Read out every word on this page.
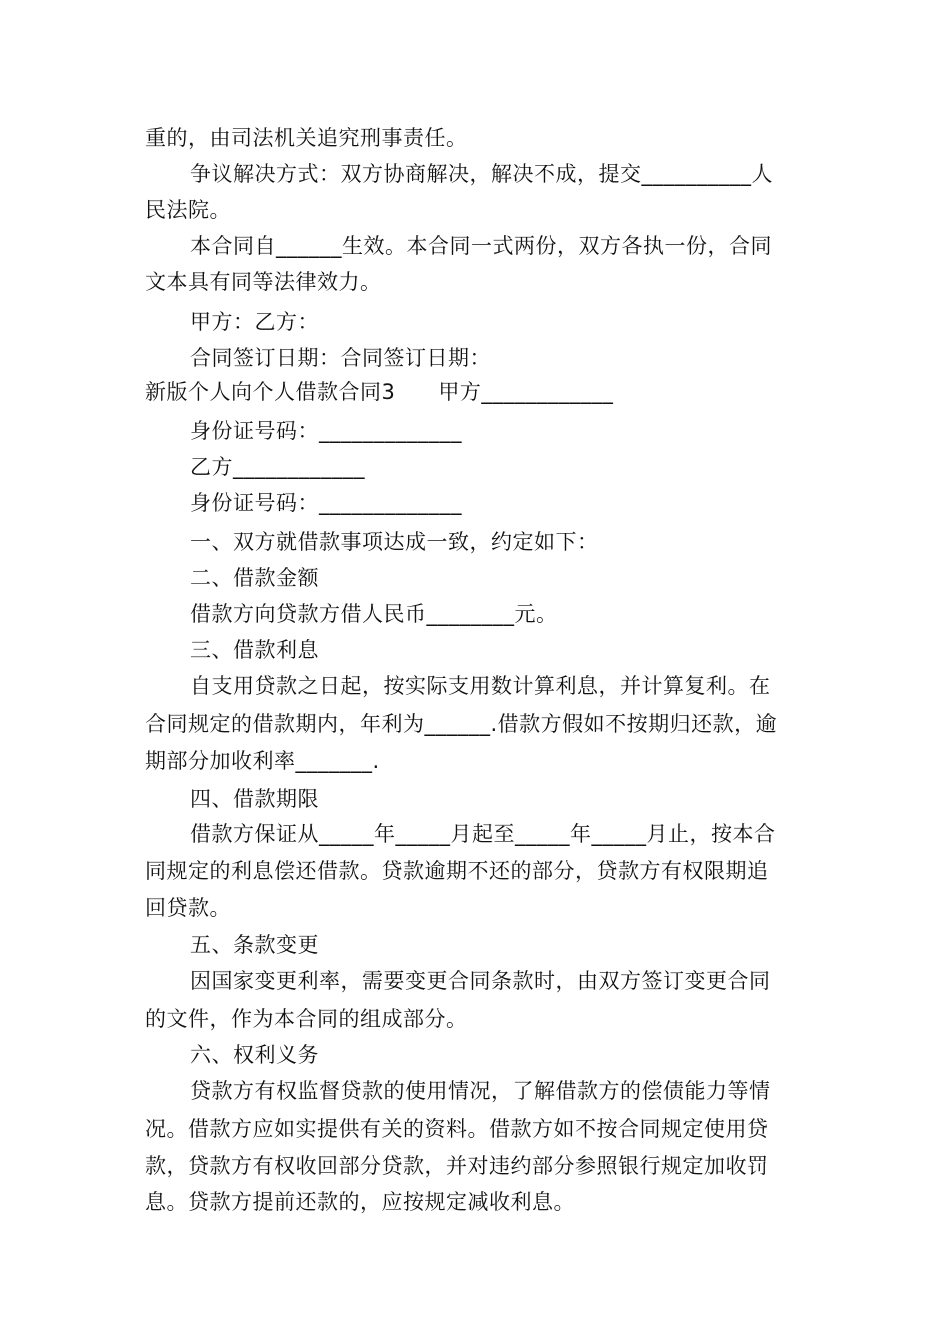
重的，由司法机关追究刑事责任。
争议解决方式：双方协商解决，解决不成，提交__________人
民法院。
本合同自______生效。本合同一式两份，双方各执一份，合同
文本具有同等法律效力。
甲方：乙方：
合同签订日期：合同签订日期：
新版个人向个人借款合同3　　甲方____________
身份证号码：_____________
乙方____________
身份证号码：_____________
一、双方就借款事项达成一致，约定如下：
二、借款金额
借款方向贷款方借人民币________元。
三、借款利息
自支用贷款之日起，按实际支用数计算利息，并计算复利。在
合同规定的借款期内，年利为______.借款方假如不按期归还款，逾
期部分加收利率_______.
四、借款期限
借款方保证从_____年_____月起至_____年_____月止，按本合
同规定的利息偿还借款。贷款逾期不还的部分，贷款方有权限期追
回贷款。
五、条款变更
因国家变更利率，需要变更合同条款时，由双方签订变更合同
的文件，作为本合同的组成部分。
六、权利义务
贷款方有权监督贷款的使用情况，了解借款方的偿债能力等情
况。借款方应如实提供有关的资料。借款方如不按合同规定使用贷
款，贷款方有权收回部分贷款，并对违约部分参照银行规定加收罚
息。贷款方提前还款的，应按规定减收利息。
